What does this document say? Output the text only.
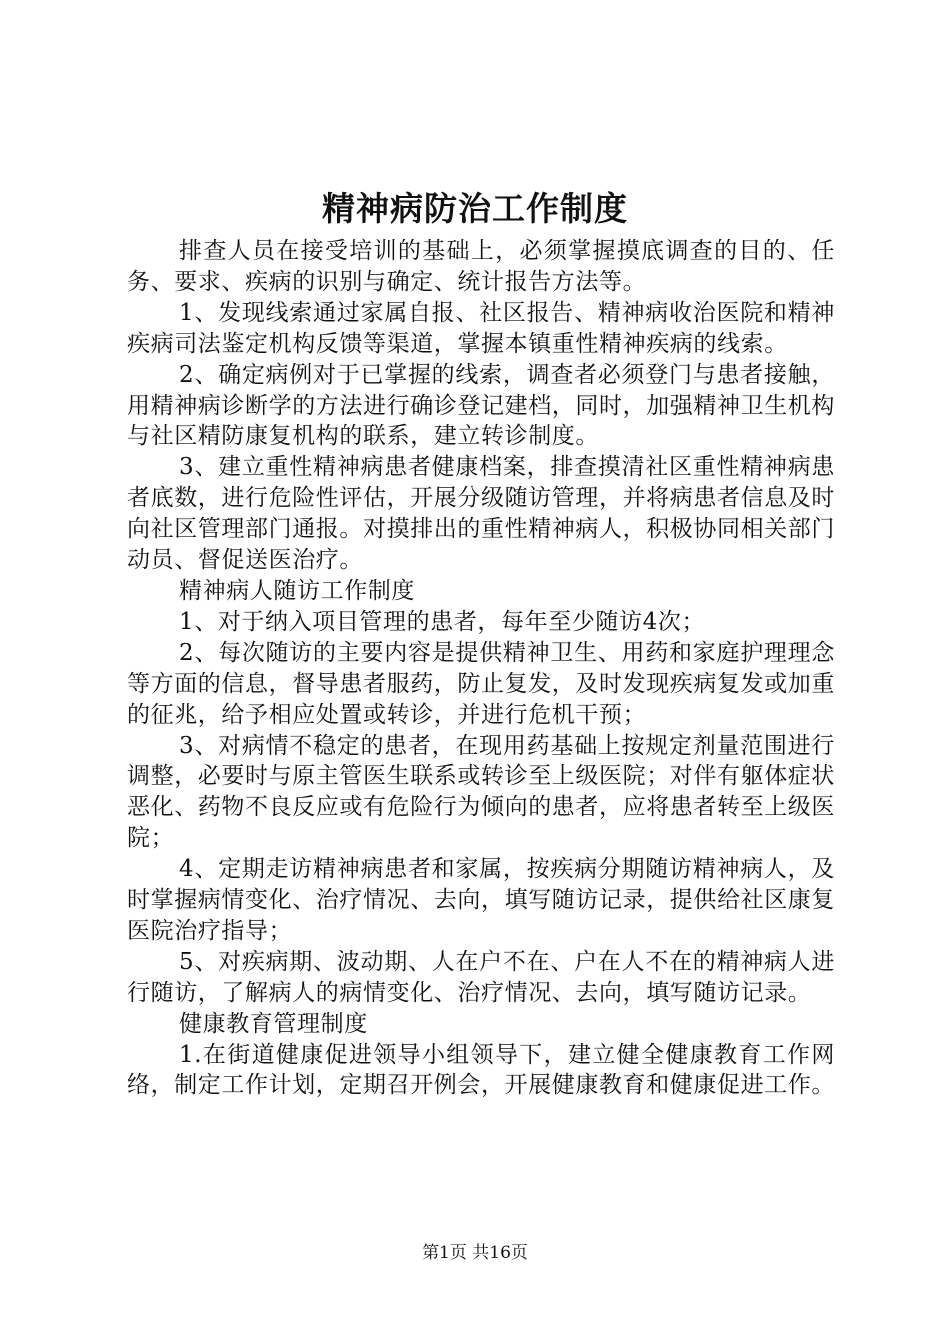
精神病防治工作制度

排查人员在接受培训的基础上，必须掌握摸底调查的目的、任务、要求、疾病的识别与确定、统计报告方法等。

1、发现线索通过家属自报、社区报告、精神病收治医院和精神疾病司法鉴定机构反馈等渠道，掌握本镇重性精神疾病的线索。

2、确定病例对于已掌握的线索，调查者必须登门与患者接触，用精神病诊断学的方法进行确诊登记建档，同时，加强精神卫生机构与社区精防康复机构的联系，建立转诊制度。

3、建立重性精神病患者健康档案，排查摸清社区重性精神病患者底数，进行危险性评估，开展分级随访管理，并将病患者信息及时向社区管理部门通报。对摸排出的重性精神病人，积极协同相关部门动员、督促送医治疗。

精神病人随访工作制度

1、对于纳入项目管理的患者，每年至少随访4次；

2、每次随访的主要内容是提供精神卫生、用药和家庭护理理念等方面的信息，督导患者服药，防止复发，及时发现疾病复发或加重的征兆，给予相应处置或转诊，并进行危机干预；

3、对病情不稳定的患者，在现用药基础上按规定剂量范围进行调整，必要时与原主管医生联系或转诊至上级医院；对伴有躯体症状恶化、药物不良反应或有危险行为倾向的患者，应将患者转至上级医院；

4、定期走访精神病患者和家属，按疾病分期随访精神病人，及时掌握病情变化、治疗情况、去向，填写随访记录，提供给社区康复医院治疗指导；

5、对疾病期、波动期、人在户不在、户在人不在的精神病人进行随访，了解病人的病情变化、治疗情况、去向，填写随访记录。

健康教育管理制度

1.在街道健康促进领导小组领导下，建立健全健康教育工作网络，制定工作计划，定期召开例会，开展健康教育和健康促进工作。

第1页 共16页
